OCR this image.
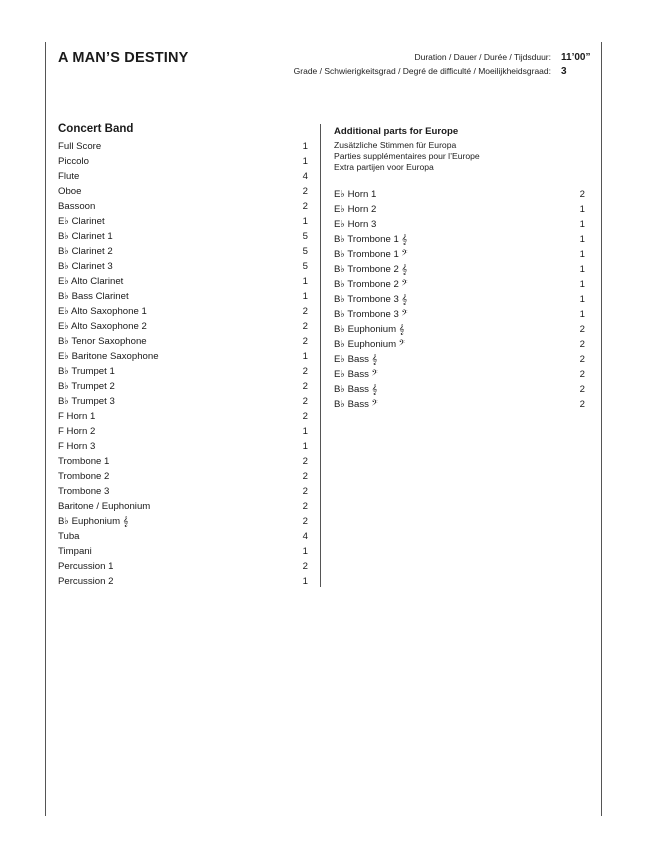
A MAN’S DESTINY	Duration / Dauer / Durée / Tijdsduur: 11’00”
Grade / Schwierigkeitsgrad / Degré de difficulté / Moeilijkheidsgraad: 3
Concert Band
Full Score	1
Piccolo	1
Flute	4
Oboe	2
Bassoon	2
E♭ Clarinet	1
B♭ Clarinet 1	5
B♭ Clarinet 2	5
B♭ Clarinet 3	5
E♭ Alto Clarinet	1
B♭ Bass Clarinet	1
E♭ Alto Saxophone 1	2
E♭ Alto Saxophone 2	2
B♭ Tenor Saxophone	2
E♭ Baritone Saxophone	1
B♭ Trumpet 1	2
B♭ Trumpet 2	2
B♭ Trumpet 3	2
F Horn 1	2
F Horn 2	1
F Horn 3	1
Trombone 1	2
Trombone 2	2
Trombone 3	2
Baritone / Euphonium	2
B♭ Euphonium 𝄞	2
Tuba	4
Timpani	1
Percussion 1	2
Percussion 2	1
Additional parts for Europe
Zusätzliche Stimmen für Europa
Parties supplémentaires pour l’Europe
Extra partijen voor Europa
E♭ Horn 1	2
E♭ Horn 2	1
E♭ Horn 3	1
B♭ Trombone 1 𝄞	1
B♭ Trombone 1 𝄢	1
B♭ Trombone 2 𝄞	1
B♭ Trombone 2 𝄢	1
B♭ Trombone 3 𝄞	1
B♭ Trombone 3 𝄢	1
B♭ Euphonium 𝄞	2
B♭ Euphonium 𝄢	2
E♭ Bass 𝄞	2
E♭ Bass 𝄢	2
B♭ Bass 𝄞	2
B♭ Bass 𝄢	2
